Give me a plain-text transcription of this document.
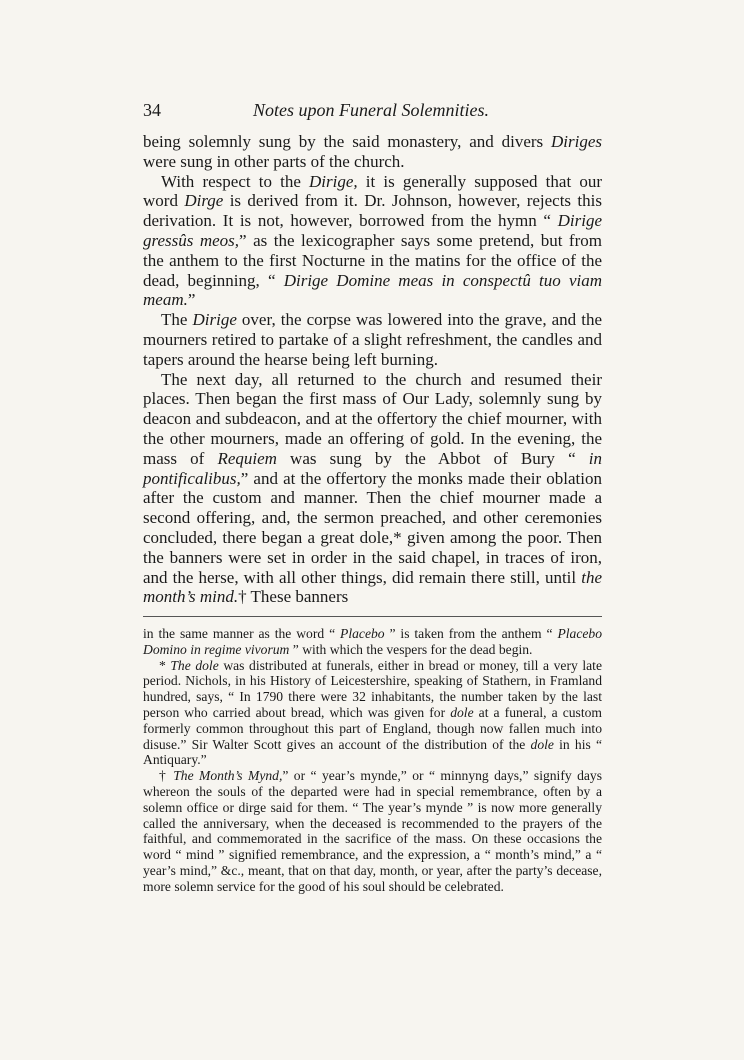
34	Notes upon Funeral Solemnities.

being solemnly sung by the said monastery, and divers Diriges were sung in other parts of the church.

With respect to the Dirige, it is generally supposed that our word Dirge is derived from it. Dr. Johnson, however, rejects this derivation. It is not, however, borrowed from the hymn “ Dirige gressûs meos,” as the lexicographer says some pretend, but from the anthem to the first Nocturne in the matins for the office of the dead, beginning, “ Dirige Domine meas in conspectû tuo viam meam.”

The Dirige over, the corpse was lowered into the grave, and the mourners retired to partake of a slight refreshment, the candles and tapers around the hearse being left burning.

The next day, all returned to the church and resumed their places. Then began the first mass of Our Lady, solemnly sung by deacon and subdeacon, and at the offertory the chief mourner, with the other mourners, made an offering of gold. In the evening, the mass of Requiem was sung by the Abbot of Bury “ in pontificalibus,” and at the offertory the monks made their oblation after the custom and manner. Then the chief mourner made a second offering, and, the sermon preached, and other ceremonies concluded, there began a great dole,* given among the poor. Then the banners were set in order in the said chapel, in traces of iron, and the herse, with all other things, did remain there still, until the month’s mind.† These banners

in the same manner as the word “ Placebo ” is taken from the anthem “ Placebo Domino in regime vivorum ” with which the vespers for the dead begin.

* The dole was distributed at funerals, either in bread or money, till a very late period. Nichols, in his History of Leicestershire, speaking of Stathern, in Framland hundred, says, “ In 1790 there were 32 inhabitants, the number taken by the last person who carried about bread, which was given for dole at a funeral, a custom formerly common throughout this part of England, though now fallen much into disuse.” Sir Walter Scott gives an account of the distribution of the dole in his “ Antiquary.”

† The Month’s Mynd,” or “ year’s mynde,” or “ minnyng days,” signify days whereon the souls of the departed were had in special remembrance, often by a solemn office or dirge said for them. “ The year’s mynde ” is now more generally called the anniversary, when the deceased is recommended to the prayers of the faithful, and commemorated in the sacrifice of the mass. On these occasions the word “ mind ” signified remembrance, and the expression, a “ month’s mind,” a “ year’s mind,” &c., meant, that on that day, month, or year, after the party’s decease, more solemn service for the good of his soul should be celebrated.
